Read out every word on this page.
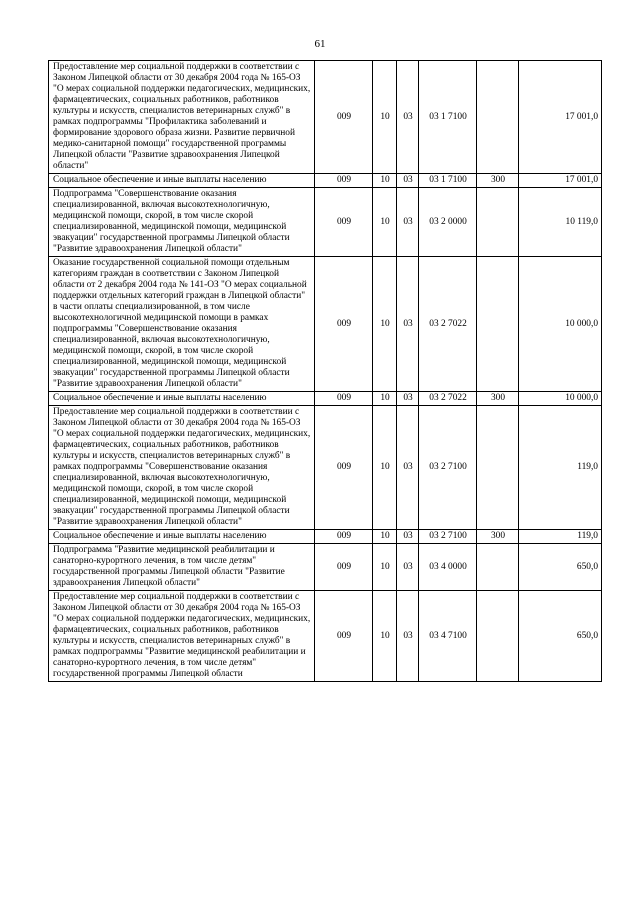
61
Предоставление мер социальной поддержки в соответствии с Законом Липецкой области от 30 декабря 2004 года № 165-ОЗ "О мерах социальной поддержки педагогических, медицинских, фармацевтических, социальных работников, работников культуры и искусств, специалистов ветеринарных служб" в рамках подпрограммы "Профилактика заболеваний и формирование здорового образа жизни. Развитие первичной медико-санитарной помощи" государственной программы Липецкой области "Развитие здравоохранения Липецкой области"	009	10	03	03 1 7100		17 001,0
Социальное обеспечение и иные выплаты населению	009	10	03	03 1 7100	300	17 001,0
Подпрограмма "Совершенствование оказания специализированной, включая высокотехнологичную, медицинской помощи, скорой, в том числе скорой специализированной, медицинской помощи, медицинской эвакуации" государственной программы Липецкой области "Развитие здравоохранения Липецкой области"	009	10	03	03 2 0000		10 119,0
Оказание государственной социальной помощи отдельным категориям граждан в соответствии с Законом Липецкой области от 2 декабря 2004 года № 141-ОЗ "О мерах социальной поддержки отдельных категорий граждан в Липецкой области" в части оплаты специализированной, в том числе высокотехнологичной медицинской помощи в рамках подпрограммы "Совершенствование оказания специализированной, включая высокотехнологичную, медицинской помощи, скорой, в том числе скорой специализированной, медицинской помощи, медицинской эвакуации" государственной программы Липецкой области "Развитие здравоохранения Липецкой области"	009	10	03	03 2 7022		10 000,0
Социальное обеспечение и иные выплаты населению	009	10	03	03 2 7022	300	10 000,0
Предоставление мер социальной поддержки в соответствии с Законом Липецкой области от 30 декабря 2004 года № 165-ОЗ "О мерах социальной поддержки педагогических, медицинских, фармацевтических, социальных работников, работников культуры и искусств, специалистов ветеринарных служб" в рамках подпрограммы "Совершенствование оказания специализированной, включая высокотехнологичную, медицинской помощи, скорой, в том числе скорой специализированной, медицинской помощи, медицинской эвакуации" государственной программы Липецкой области "Развитие здравоохранения Липецкой области"	009	10	03	03 2 7100		119,0
Социальное обеспечение и иные выплаты населению	009	10	03	03 2 7100	300	119,0
Подпрограмма "Развитие медицинской реабилитации и санаторно-курортного лечения, в том числе детям" государственной программы Липецкой области "Развитие здравоохранения Липецкой области"	009	10	03	03 4 0000		650,0
Предоставление мер социальной поддержки в соответствии с Законом Липецкой области от 30 декабря 2004 года № 165-ОЗ "О мерах социальной поддержки педагогических, медицинских, фармацевтических, социальных работников, работников культуры и искусств, специалистов ветеринарных служб" в рамках подпрограммы "Развитие медицинской реабилитации и санаторно-курортного лечения, в том числе детям" государственной программы Липецкой области	009	10	03	03 4 7100		650,0
